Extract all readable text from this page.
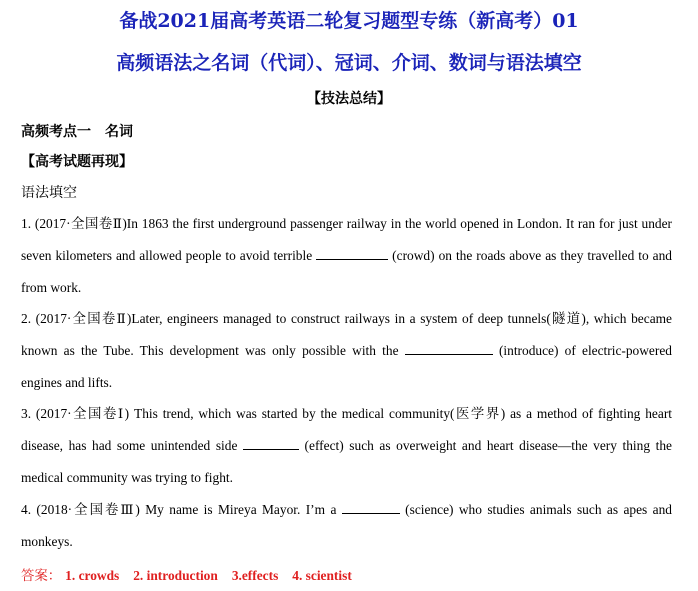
备战2021届高考英语二轮复习题型专练（新高考）01
高频语法之名词（代词）、冠词、介词、数词与语法填空
【技法总结】
高频考点一　名词
【高考试题再现】
语法填空
1. (2017·全国卷Ⅱ)In 1863 the first underground passenger railway in the world opened in London. It ran for just under seven kilometers and allowed people to avoid terrible	(crowd) on the roads above as they travelled to and from work.
2. (2017·全国卷Ⅱ)Later, engineers managed to construct railways in a system of deep tunnels(隧道), which became known as the Tube. This development was only possible with the	(introduce) of electric-powered engines and lifts.
3. (2017·全国卷Ⅰ) This trend, which was started by the medical community(医学界) as a method of fighting heart disease, has had some unintended side	(effect) such as overweight and heart disease—the very thing the medical community was trying to fight.
4. (2018·全国卷Ⅲ) My name is Mireya Mayor. I’m a	(science) who studies animals such as apes and monkeys.
答案： 1. crowds 2. introduction 3.effects 4. scientist
